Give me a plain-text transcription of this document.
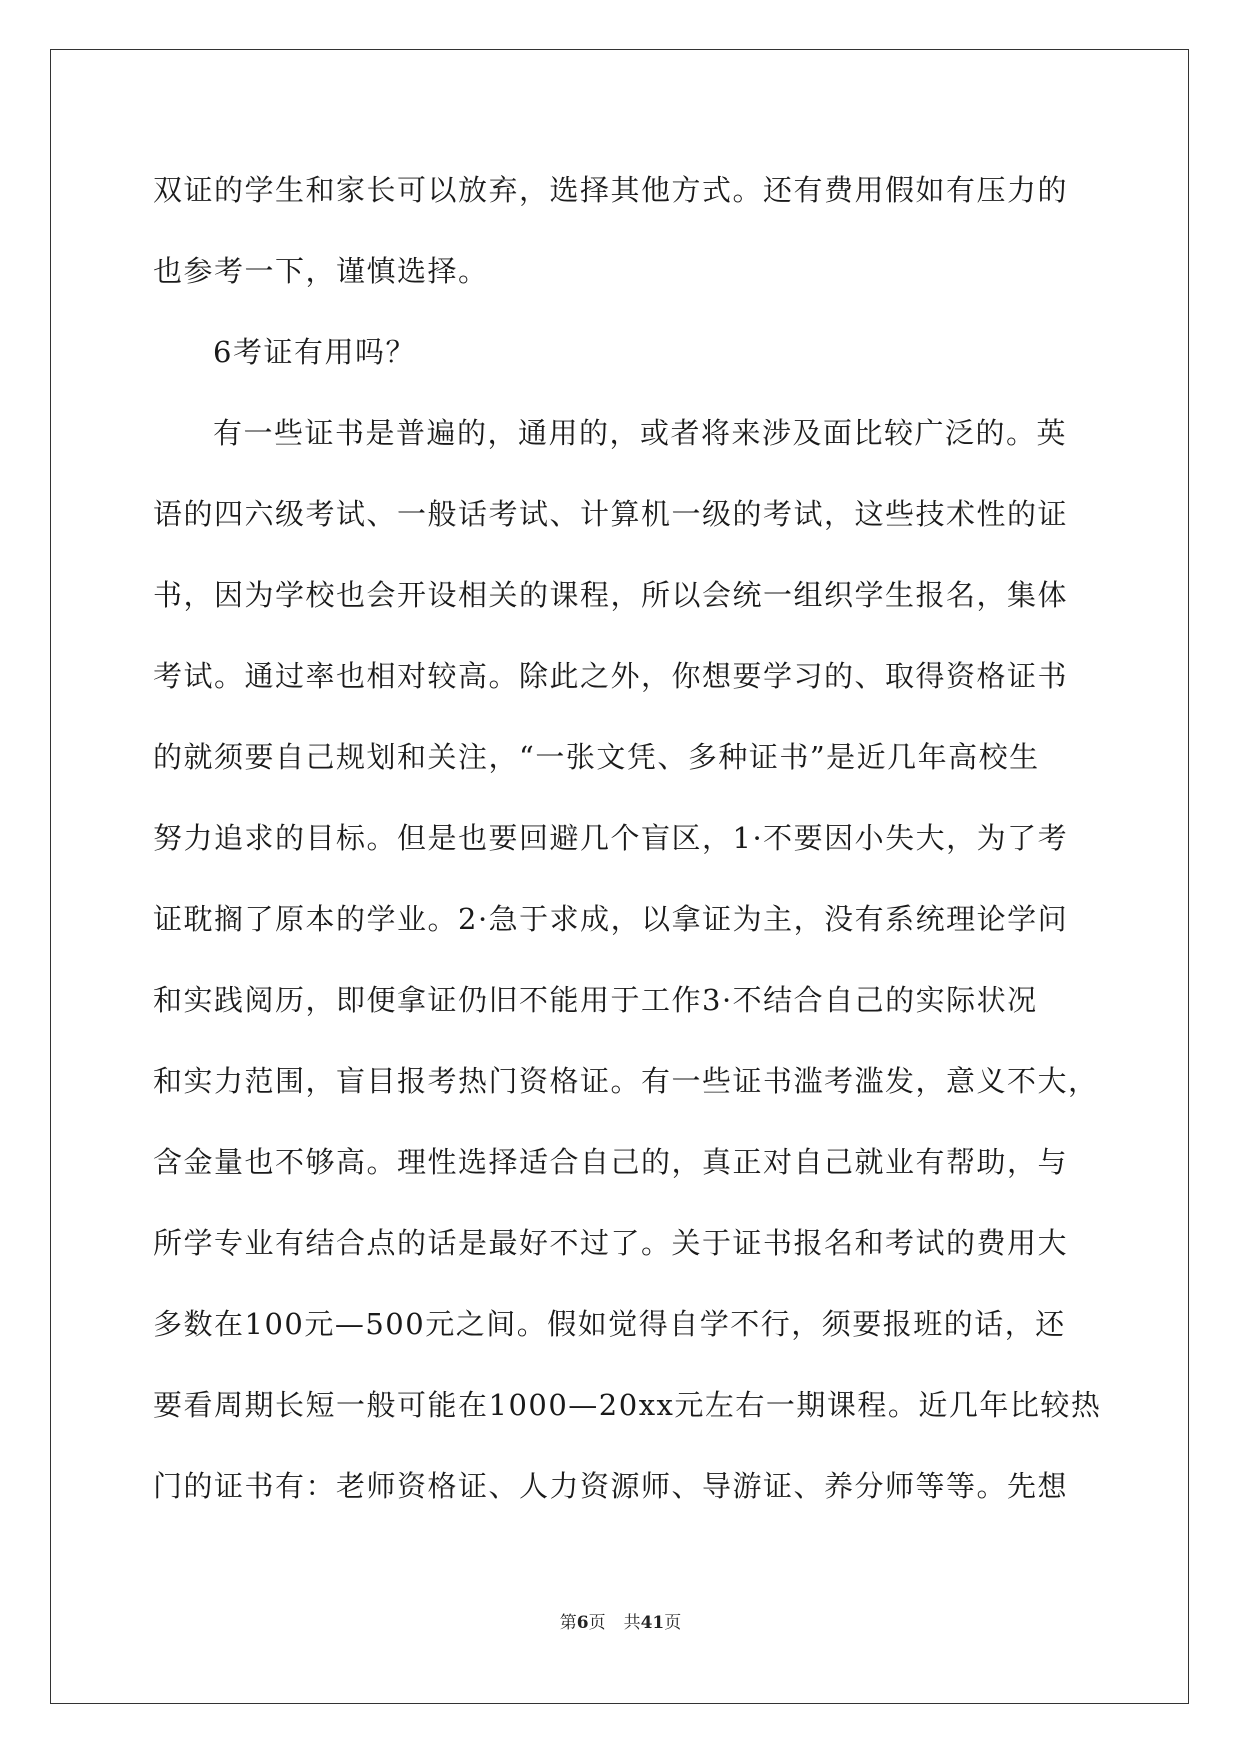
双证的学生和家长可以放弃，选择其他方式。还有费用假如有压力的
也参考一下，谨慎选择。
6考证有用吗？
有一些证书是普遍的，通用的，或者将来涉及面比较广泛的。英
语的四六级考试、一般话考试、计算机一级的考试，这些技术性的证
书，因为学校也会开设相关的课程，所以会统一组织学生报名，集体
考试。通过率也相对较高。除此之外，你想要学习的、取得资格证书
的就须要自己规划和关注，“一张文凭、多种证书”是近几年高校生
努力追求的目标。但是也要回避几个盲区，1·不要因小失大，为了考
证耽搁了原本的学业。2·急于求成，以拿证为主，没有系统理论学问
和实践阅历，即便拿证仍旧不能用于工作3·不结合自己的实际状况
和实力范围，盲目报考热门资格证。有一些证书滥考滥发，意义不大，
含金量也不够高。理性选择适合自己的，真正对自己就业有帮助，与
所学专业有结合点的话是最好不过了。关于证书报名和考试的费用大
多数在100元—500元之间。假如觉得自学不行，须要报班的话，还
要看周期长短一般可能在1000—20xx元左右一期课程。近几年比较热
门的证书有：老师资格证、人力资源师、导游证、养分师等等。先想
第6页 共41页
